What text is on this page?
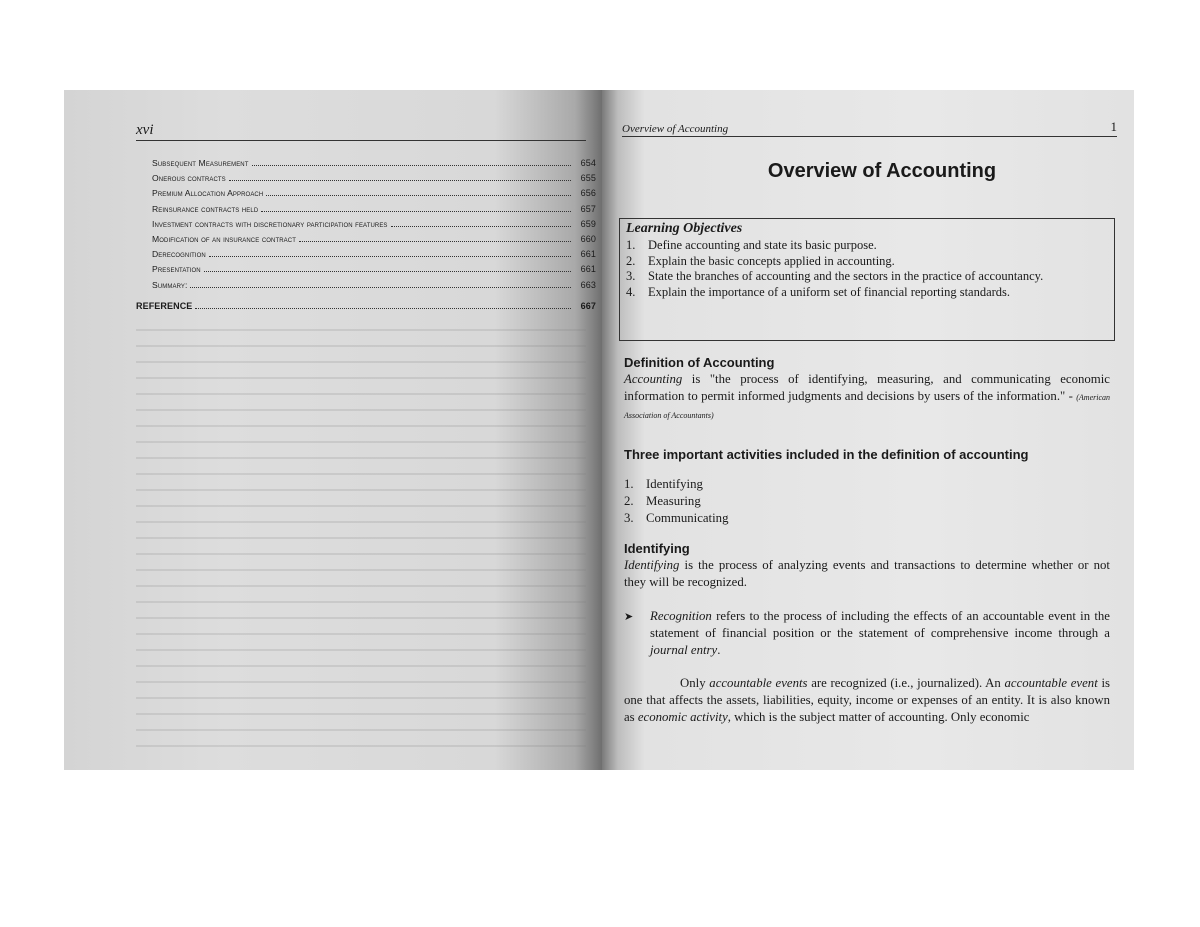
xvi
Subsequent Measurement	654
Onerous contracts	655
Premium Allocation Approach	656
Reinsurance contracts held	657
Investment contracts with discretionary participation features	659
Modification of an insurance contract	660
Derecognition	661
Presentation	661
Summary:	663
REFERENCE	667
Overview of Accounting	1
Overview of Accounting
Learning Objectives
1.	Define accounting and state its basic purpose.
2.	Explain the basic concepts applied in accounting.
3.	State the branches of accounting and the sectors in the practice of accountancy.
4.	Explain the importance of a uniform set of financial reporting standards.
Definition of Accounting
Accounting is "the process of identifying, measuring, and communicating economic information to permit informed judgments and decisions by users of the information." - (American Association of Accountants)
Three important activities included in the definition of accounting
1. Identifying
2. Measuring
3. Communicating
Identifying
Identifying is the process of analyzing events and transactions to determine whether or not they will be recognized.
➤	Recognition refers to the process of including the effects of an accountable event in the statement of financial position or the statement of comprehensive income through a journal entry.
Only accountable events are recognized (i.e., journalized). An accountable event is one that affects the assets, liabilities, equity, income or expenses of an entity. It is also known as economic activity, which is the subject matter of accounting. Only economic
